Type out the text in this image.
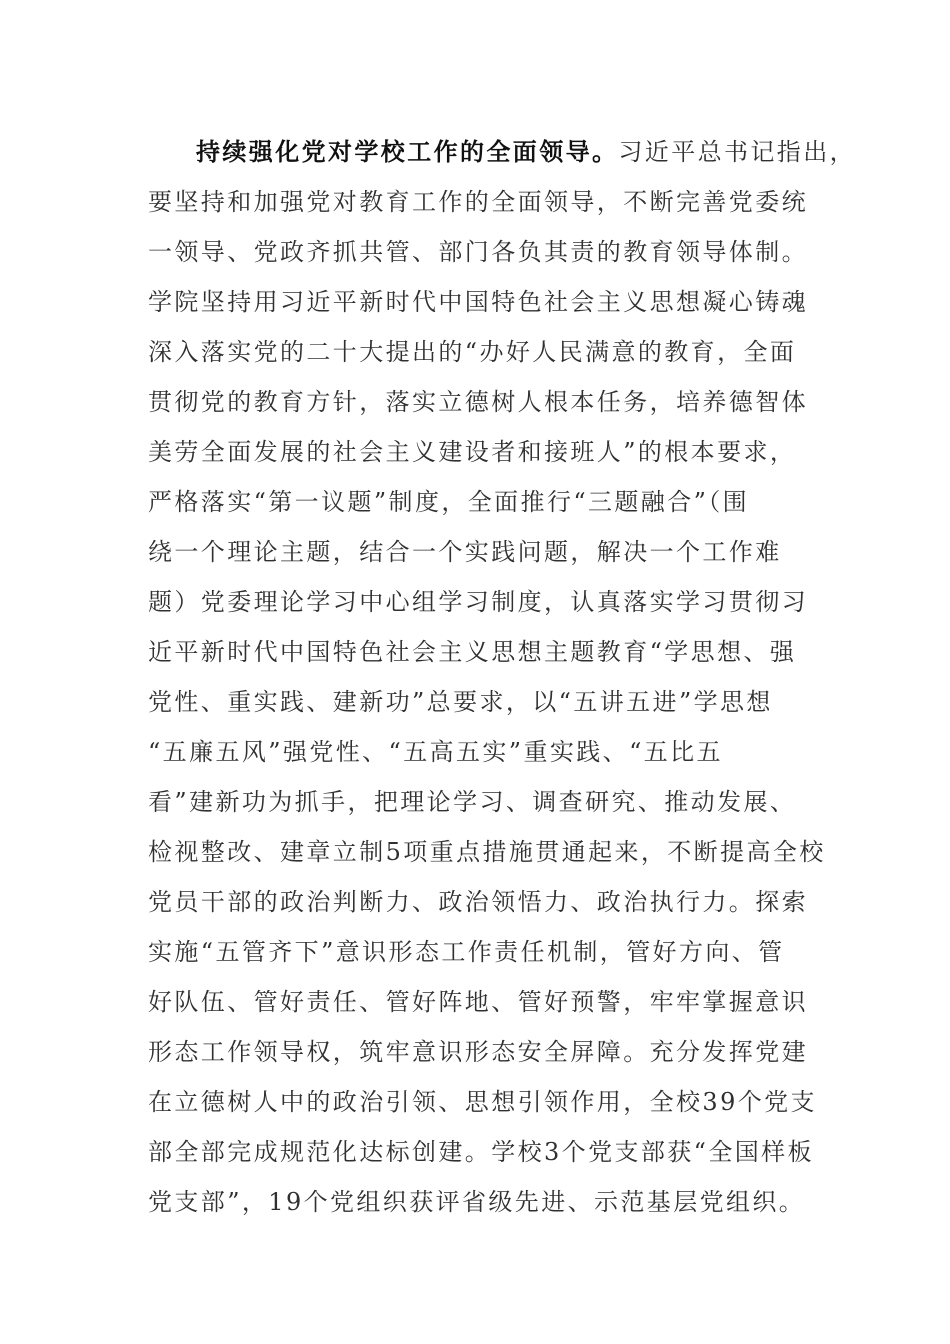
持续强化党对学校工作的全面领导。习近平总书记指出，
要坚持和加强党对教育工作的全面领导，不断完善党委统
一领导、党政齐抓共管、部门各负其责的教育领导体制。
学院坚持用习近平新时代中国特色社会主义思想凝心铸魂
深入落实党的二十大提出的“办好人民满意的教育，全面
贯彻党的教育方针，落实立德树人根本任务，培养德智体
美劳全面发展的社会主义建设者和接班人”的根本要求，
严格落实“第一议题”制度，全面推行“三题融合”（围
绕一个理论主题，结合一个实践问题，解决一个工作难
题）党委理论学习中心组学习制度，认真落实学习贯彻习
近平新时代中国特色社会主义思想主题教育“学思想、强
党性、重实践、建新功”总要求，以“五讲五进”学思想
“五廉五风”强党性、“五高五实”重实践、“五比五
看”建新功为抓手，把理论学习、调查研究、推动发展、
检视整改、建章立制5项重点措施贯通起来，不断提高全校
党员干部的政治判断力、政治领悟力、政治执行力。探索
实施“五管齐下”意识形态工作责任机制，管好方向、管
好队伍、管好责任、管好阵地、管好预警，牢牢掌握意识
形态工作领导权，筑牢意识形态安全屏障。充分发挥党建
在立德树人中的政治引领、思想引领作用，全校39个党支
部全部完成规范化达标创建。学校3个党支部获“全国样板
党支部”，19个党组织获评省级先进、示范基层党组织。
